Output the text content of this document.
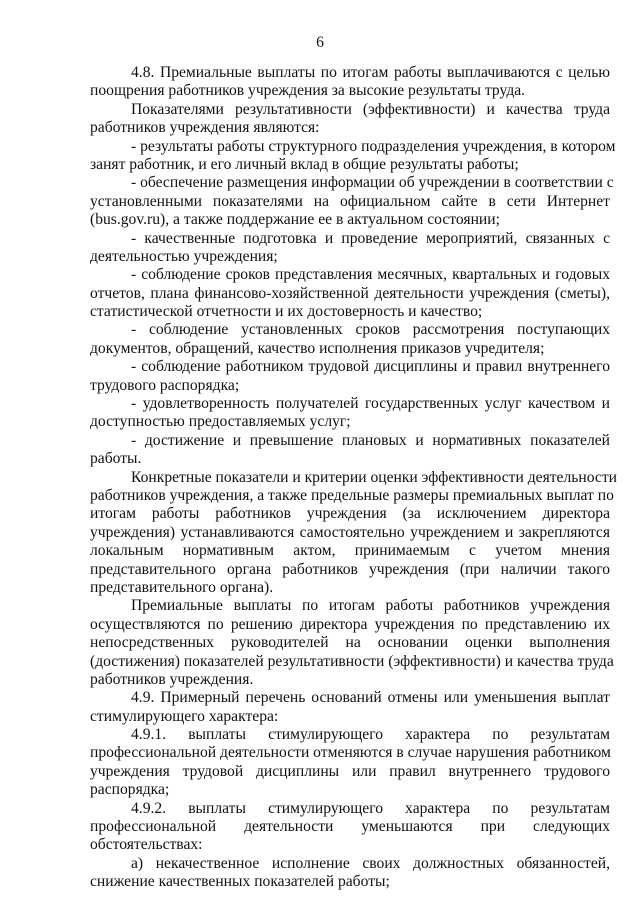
6
4.8. Премиальные выплаты по итогам работы выплачиваются с целью
поощрения работников учреждения за высокие результаты труда.
Показателями результативности (эффективности) и качества труда
работников учреждения являются:
- результаты работы структурного подразделения учреждения, в котором
занят работник, и его личный вклад в общие результаты работы;
- обеспечение размещения информации об учреждении в соответствии с
установленными показателями на официальном сайте в сети Интернет
(bus.gov.ru), а также поддержание ее в актуальном состоянии;
- качественные подготовка и проведение мероприятий, связанных с
деятельностью учреждения;
- соблюдение сроков представления месячных, квартальных и годовых
отчетов, плана финансово-хозяйственной деятельности учреждения (сметы),
статистической отчетности и их достоверность и качество;
- соблюдение установленных сроков рассмотрения поступающих
документов, обращений, качество исполнения приказов учредителя;
- соблюдение работником трудовой дисциплины и правил внутреннего
трудового распорядка;
- удовлетворенность получателей государственных услуг качеством и
доступностью предоставляемых услуг;
- достижение и превышение плановых и нормативных показателей
работы.
Конкретные показатели и критерии оценки эффективности деятельности
работников учреждения, а также предельные размеры премиальных выплат по
итогам работы работников учреждения (за исключением директора
учреждения) устанавливаются самостоятельно учреждением и закрепляются
локальным нормативным актом, принимаемым с учетом мнения
представительного органа работников учреждения (при наличии такого
представительного органа).
Премиальные выплаты по итогам работы работников учреждения
осуществляются по решению директора учреждения по представлению их
непосредственных руководителей на основании оценки выполнения
(достижения) показателей результативности (эффективности) и качества труда
работников учреждения.
4.9. Примерный перечень оснований отмены или уменьшения выплат
стимулирующего характера:
4.9.1. выплаты стимулирующего характера по результатам
профессиональной деятельности отменяются в случае нарушения работником
учреждения трудовой дисциплины или правил внутреннего трудового
распорядка;
4.9.2. выплаты стимулирующего характера по результатам
профессиональной деятельности уменьшаются при следующих
обстоятельствах:
а) некачественное исполнение своих должностных обязанностей,
снижение качественных показателей работы;
